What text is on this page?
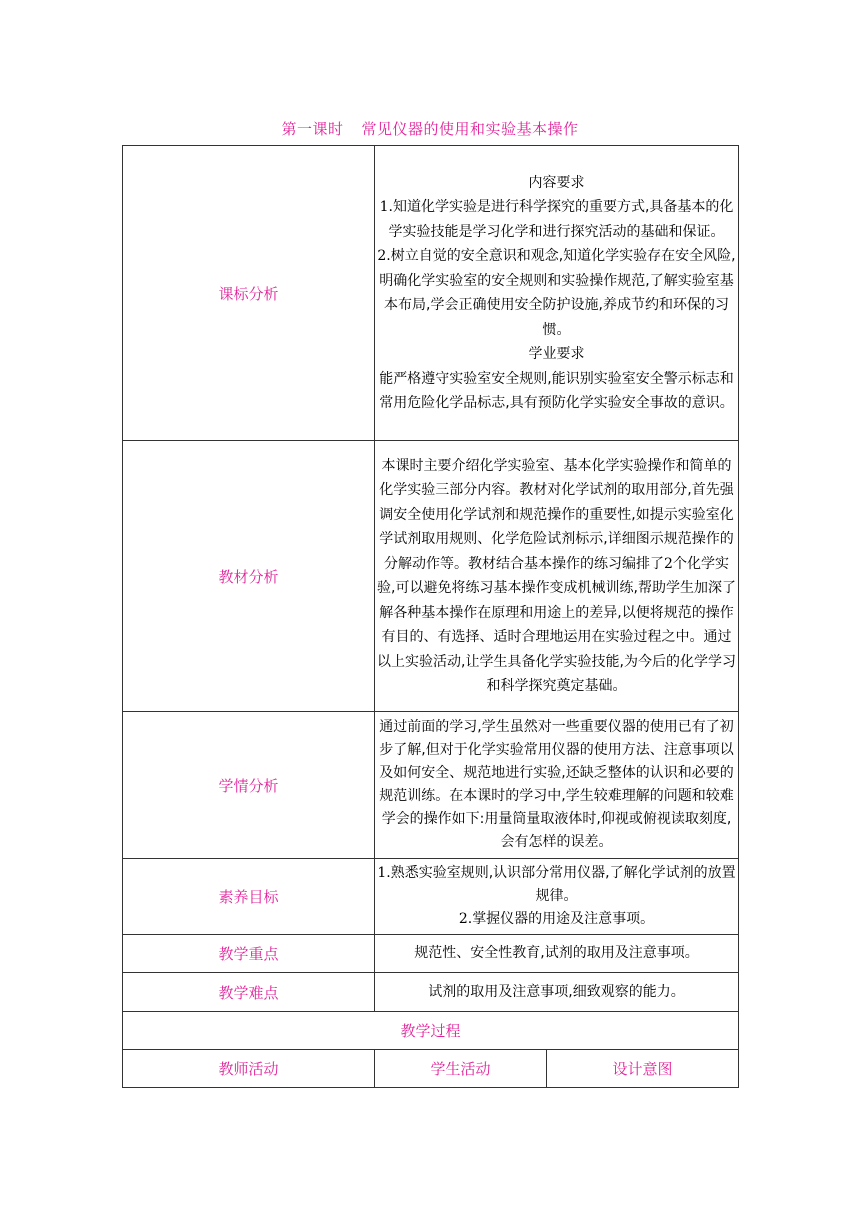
第一课时 常见仪器的使用和实验基本操作
课标分析	内容要求

1.知道化学实验是进行科学探究的重要方式,具备基本的化学实验技能是学习化学和进行探究活动的基础和保证。

2.树立自觉的安全意识和观念,知道化学实验存在安全风险,明确化学实验室的安全规则和实验操作规范,了解实验室基本布局,学会正确使用安全防护设施,养成节约和环保的习惯。

学业要求

能严格遵守实验室安全规则,能识别实验室安全警示标志和常用危险化学品标志,具有预防化学实验安全事故的意识。	

教材分析	本课时主要介绍化学实验室、基本化学实验操作和简单的化学实验三部分内容。教材对化学试剂的取用部分,首先强调安全使用化学试剂和规范操作的重要性,如提示实验室化学试剂取用规则、化学危险试剂标示,详细图示规范操作的分解动作等。教材结合基本操作的练习编排了2个化学实验,可以避免将练习基本操作变成机械训练,帮助学生加深了解各种基本操作在原理和用途上的差异,以便将规范的操作有目的、有选择、适时合理地运用在实验过程之中。通过以上实验活动,让学生具备化学实验技能,为今后的化学学习和科学探究奠定基础。	

学情分析	通过前面的学习,学生虽然对一些重要仪器的使用已有了初步了解,但对于化学实验常用仪器的使用方法、注意事项以及如何安全、规范地进行实验,还缺乏整体的认识和必要的规范训练。在本课时的学习中,学生较难理解的问题和较难学会的操作如下:用量筒量取液体时,仰视或俯视读取刻度,会有怎样的误差。	
素养目标	1.熟悉实验室规则,认识部分常用仪器,了解化学试剂的放置规律。

2.掌握仪器的用途及注意事项。	

教学重点	规范性、安全性教育,试剂的取用及注意事项。	
教学难点	试剂的取用及注意事项,细致观察的能力。	
教学过程		
教师活动	学生活动	设计意图
